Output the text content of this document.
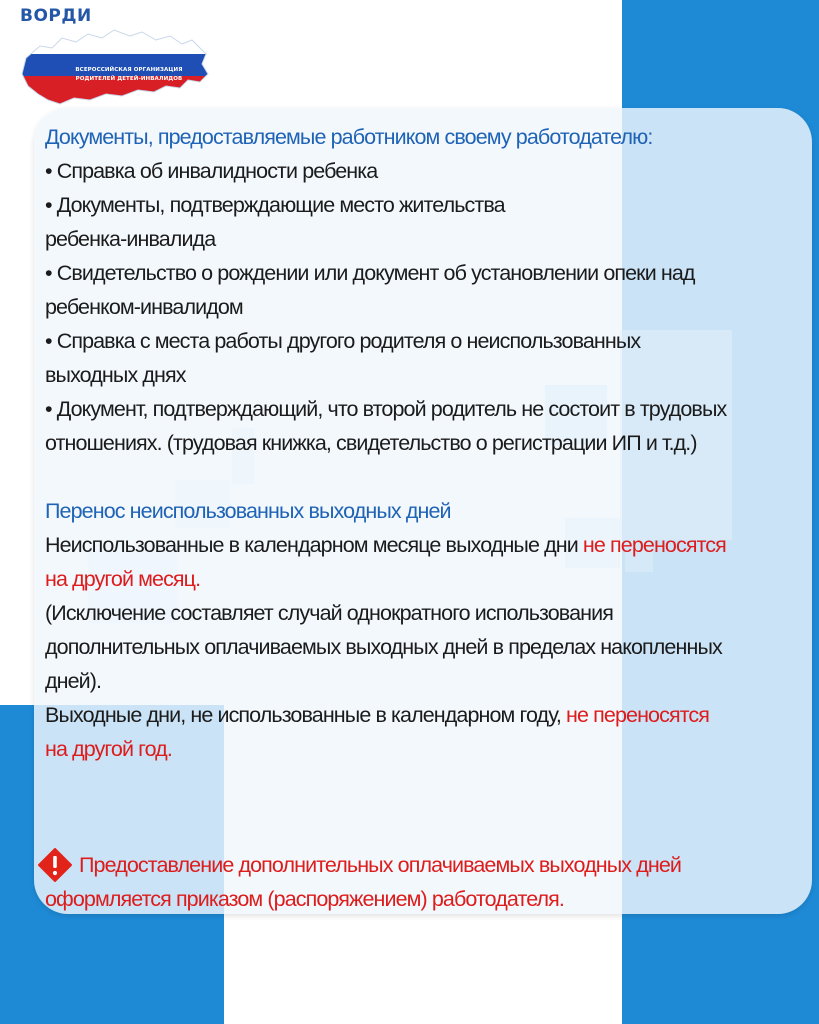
ВОРДИ

ВСЕРОССИЙСКАЯ ОРГАНИЗАЦИЯ

РОДИТЕЛЕЙ ДЕТЕЙ-ИНВАЛИДОВ

Документы, предоставляемые работником своему работодателю:

• Справка об инвалидности ребенка

• Документы, подтверждающие место жительства

ребенка-инвалида

• Свидетельство о рождении или документ об установлении опеки над

ребенком-инвалидом

• Справка с места работы другого родителя о неиспользованных

выходных днях

• Документ, подтверждающий, что второй родитель не состоит в трудовых

отношениях. (трудовая книжка, свидетельство о регистрации ИП и т.д.)

Перенос неиспользованных выходных дней

Неиспользованные в календарном месяце выходные дни не переносятся

на другой месяц.

(Исключение составляет случай однократного использования

дополнительных оплачиваемых выходных дней в пределах накопленных

дней).

Выходные дни, не использованные в календарном году, не переносятся

на другой год.

Предоставление дополнительных оплачиваемых выходных дней

оформляется приказом (распоряжением) работодателя.
